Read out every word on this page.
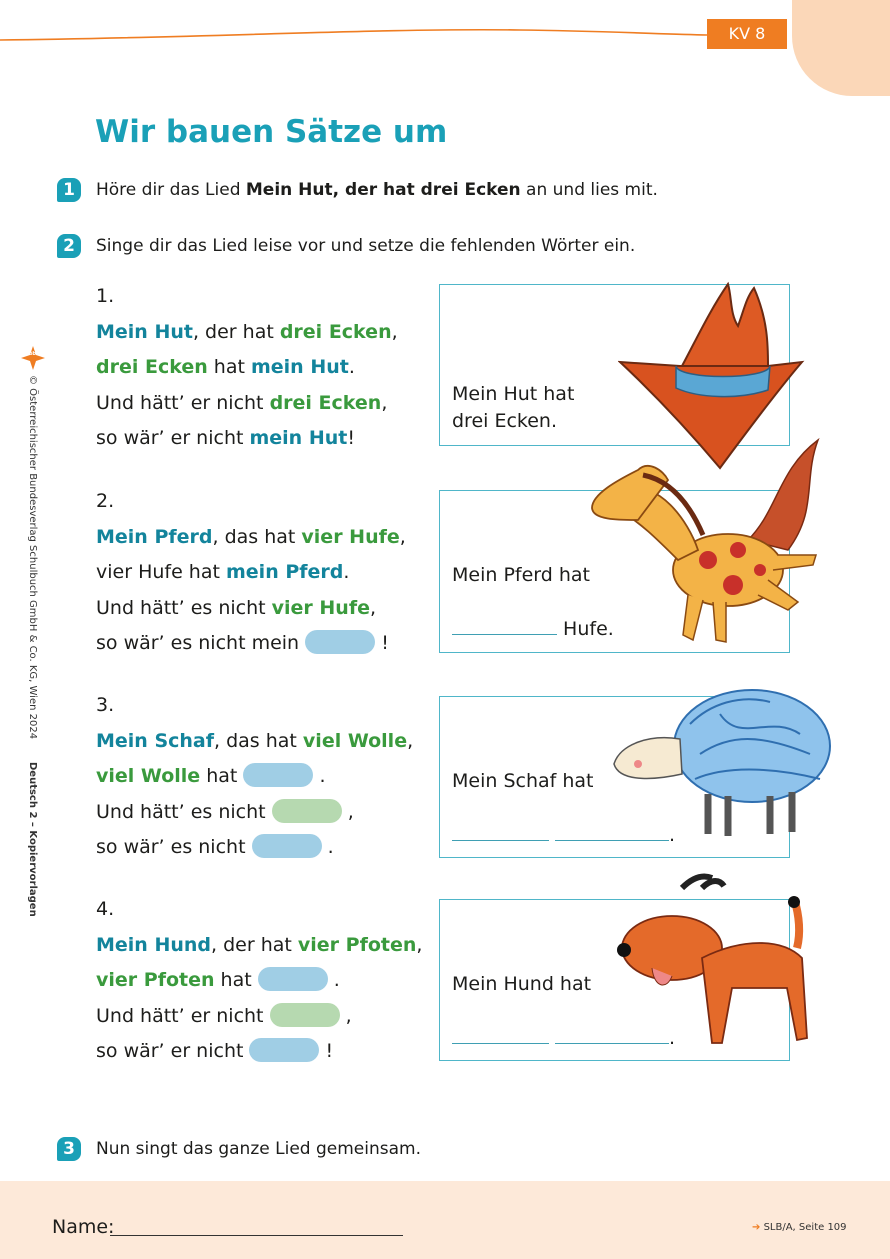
KV 8
Wir bauen Sätze um
1	Höre dir das Lied Mein Hut, der hat drei Ecken an und lies mit.
2	Singe dir das Lied leise vor und setze die fehlenden Wörter ein.
1.
Mein Hut, der hat drei Ecken,
drei Ecken hat mein Hut.
Und hätt’ er nicht drei Ecken,
so wär’ er nicht mein Hut!
2.
Mein Pferd, das hat vier Hufe,
vier Hufe hat mein Pferd.
Und hätt’ es nicht vier Hufe,
so wär’ es nicht mein	!
3.
Mein Schaf, das hat viel Wolle,
viel Wolle hat	.
Und hätt’ es nicht	,
so wär’ es nicht	.
4.
Mein Hund, der hat vier Pfoten,
vier Pfoten hat	.
Und hätt’ er nicht	,
so wär’ er nicht	!
Mein Hut hat
drei Ecken.
Mein Pferd hat
Hufe.
Mein Schaf hat
.
Mein Hund hat
.
3	Nun singt das ganze Lied gemeinsam.
öbv
© Österreichischer Bundesverlag Schulbuch GmbH & Co. KG, Wien 2024
Deutsch 2 – Kopiervorlagen
Name:	➔ SLB/A, Seite 109
